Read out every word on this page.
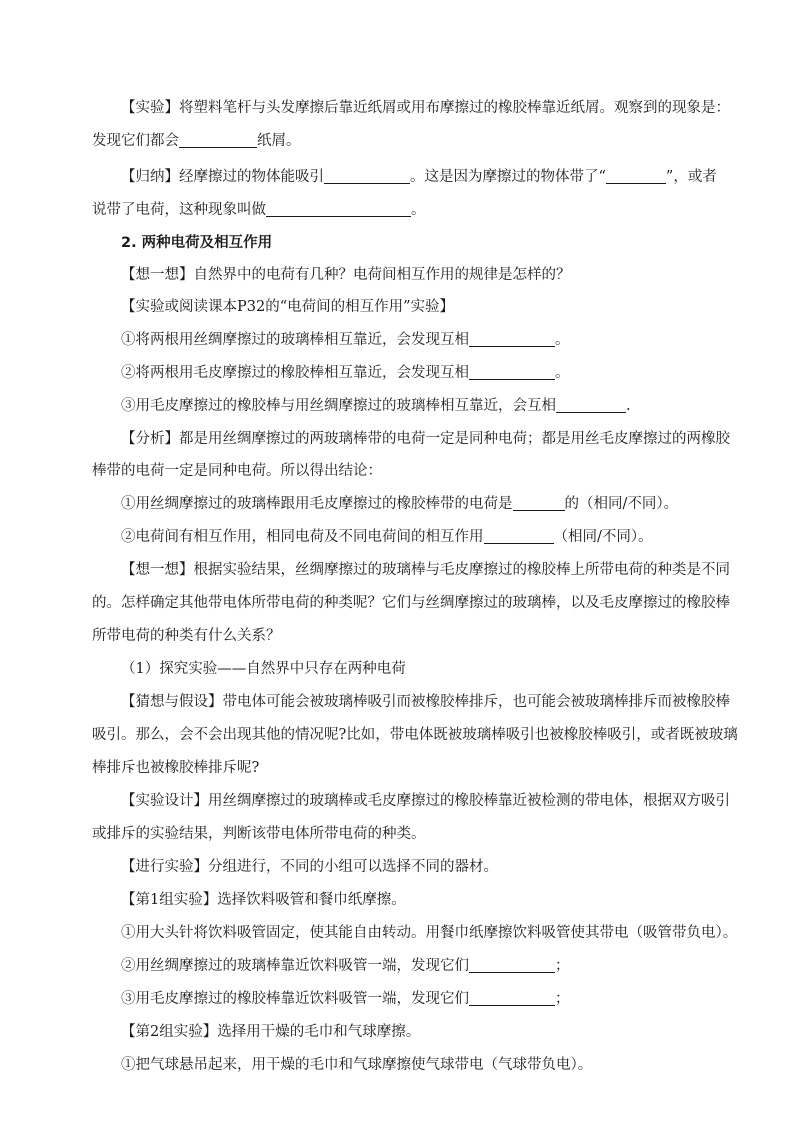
【实验】将塑料笔杆与头发摩擦后靠近纸屑或用布摩擦过的橡胶棒靠近纸屑。观察到的现象是：

发现它们都会	纸屑。

【归纳】经摩擦过的物体能吸引	。这是因为摩擦过的物体带了“	”，或者

说带了电荷，这种现象叫做	。

2. 两种电荷及相互作用

【想一想】自然界中的电荷有几种？电荷间相互作用的规律是怎样的？

【实验或阅读课本P32的“电荷间的相互作用”实验】

①将两根用丝绸摩擦过的玻璃棒相互靠近，会发现互相	。

②将两根用毛皮摩擦过的橡胶棒相互靠近，会发现互相	。

③用毛皮摩擦过的橡胶棒与用丝绸摩擦过的玻璃棒相互靠近，会互相	.

【分析】都是用丝绸摩擦过的两玻璃棒带的电荷一定是同种电荷；都是用丝毛皮摩擦过的两橡胶

棒带的电荷一定是同种电荷。所以得出结论：

①用丝绸摩擦过的玻璃棒跟用毛皮摩擦过的橡胶棒带的电荷是	的（相同/不同）。

②电荷间有相互作用，相同电荷及不同电荷间的相互作用	（相同/不同）。

【想一想】根据实验结果，丝绸摩擦过的玻璃棒与毛皮摩擦过的橡胶棒上所带电荷的种类是不同

的。怎样确定其他带电体所带电荷的种类呢？它们与丝绸摩擦过的玻璃棒，以及毛皮摩擦过的橡胶棒

所带电荷的种类有什么关系？

（1）探究实验——自然界中只存在两种电荷

【猜想与假设】带电体可能会被玻璃棒吸引而被橡胶棒排斥，也可能会被玻璃棒排斥而被橡胶棒

吸引。那么，会不会出现其他的情况呢?比如，带电体既被玻璃棒吸引也被橡胶棒吸引，或者既被玻璃

棒排斥也被橡胶棒排斥呢?

【实验设计】用丝绸摩擦过的玻璃棒或毛皮摩擦过的橡胶棒靠近被检测的带电体，根据双方吸引

或排斥的实验结果，判断该带电体所带电荷的种类。

【进行实验】分组进行，不同的小组可以选择不同的器材。

【第1组实验】选择饮料吸管和餐巾纸摩擦。

①用大头针将饮料吸管固定，使其能自由转动。用餐巾纸摩擦饮料吸管使其带电（吸管带负电）。

②用丝绸摩擦过的玻璃棒靠近饮料吸管一端，发现它们	；

③用毛皮摩擦过的橡胶棒靠近饮料吸管一端，发现它们	；

【第2组实验】选择用干燥的毛巾和气球摩擦。

①把气球悬吊起来，用干燥的毛巾和气球摩擦使气球带电（气球带负电）。
